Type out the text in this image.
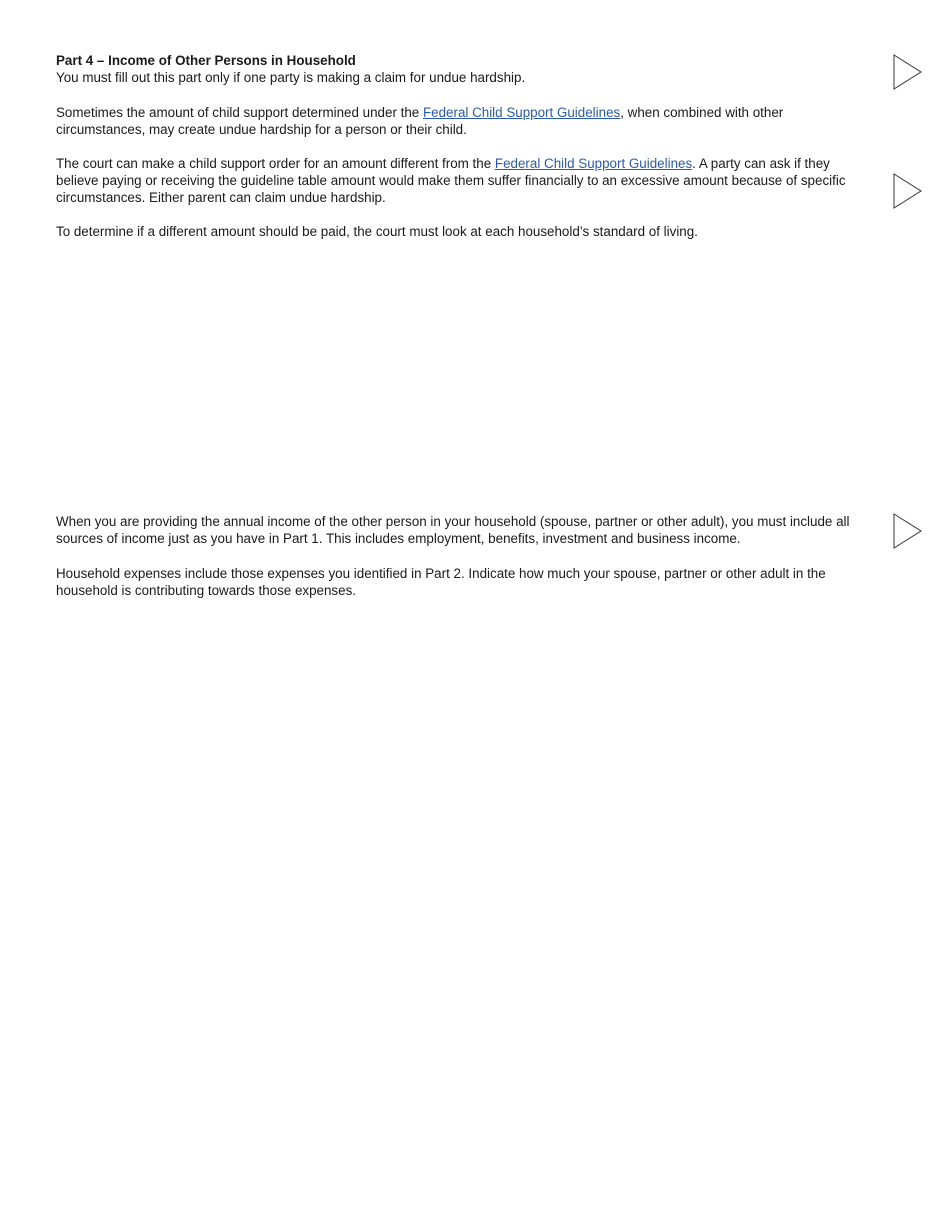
Part 4 – Income of Other Persons in Household

You must fill out this part only if one party is making a claim for undue hardship.

Sometimes the amount of child support determined under the Federal Child Support Guidelines, when combined with other circumstances, may create undue hardship for a person or their child.

The court can make a child support order for an amount different from the Federal Child Support Guidelines. A party can ask if they believe paying or receiving the guideline table amount would make them suffer financially to an excessive amount because of specific circumstances. Either parent can claim undue hardship.

To determine if a different amount should be paid, the court must look at each household’s standard of living.

When you are providing the annual income of the other person in your household (spouse, partner or other adult), you must include all sources of income just as you have in Part 1. This includes employment, benefits, investment and business income.

Household expenses include those expenses you identified in Part 2. Indicate how much your spouse, partner or other adult in the household is contributing towards those expenses.
